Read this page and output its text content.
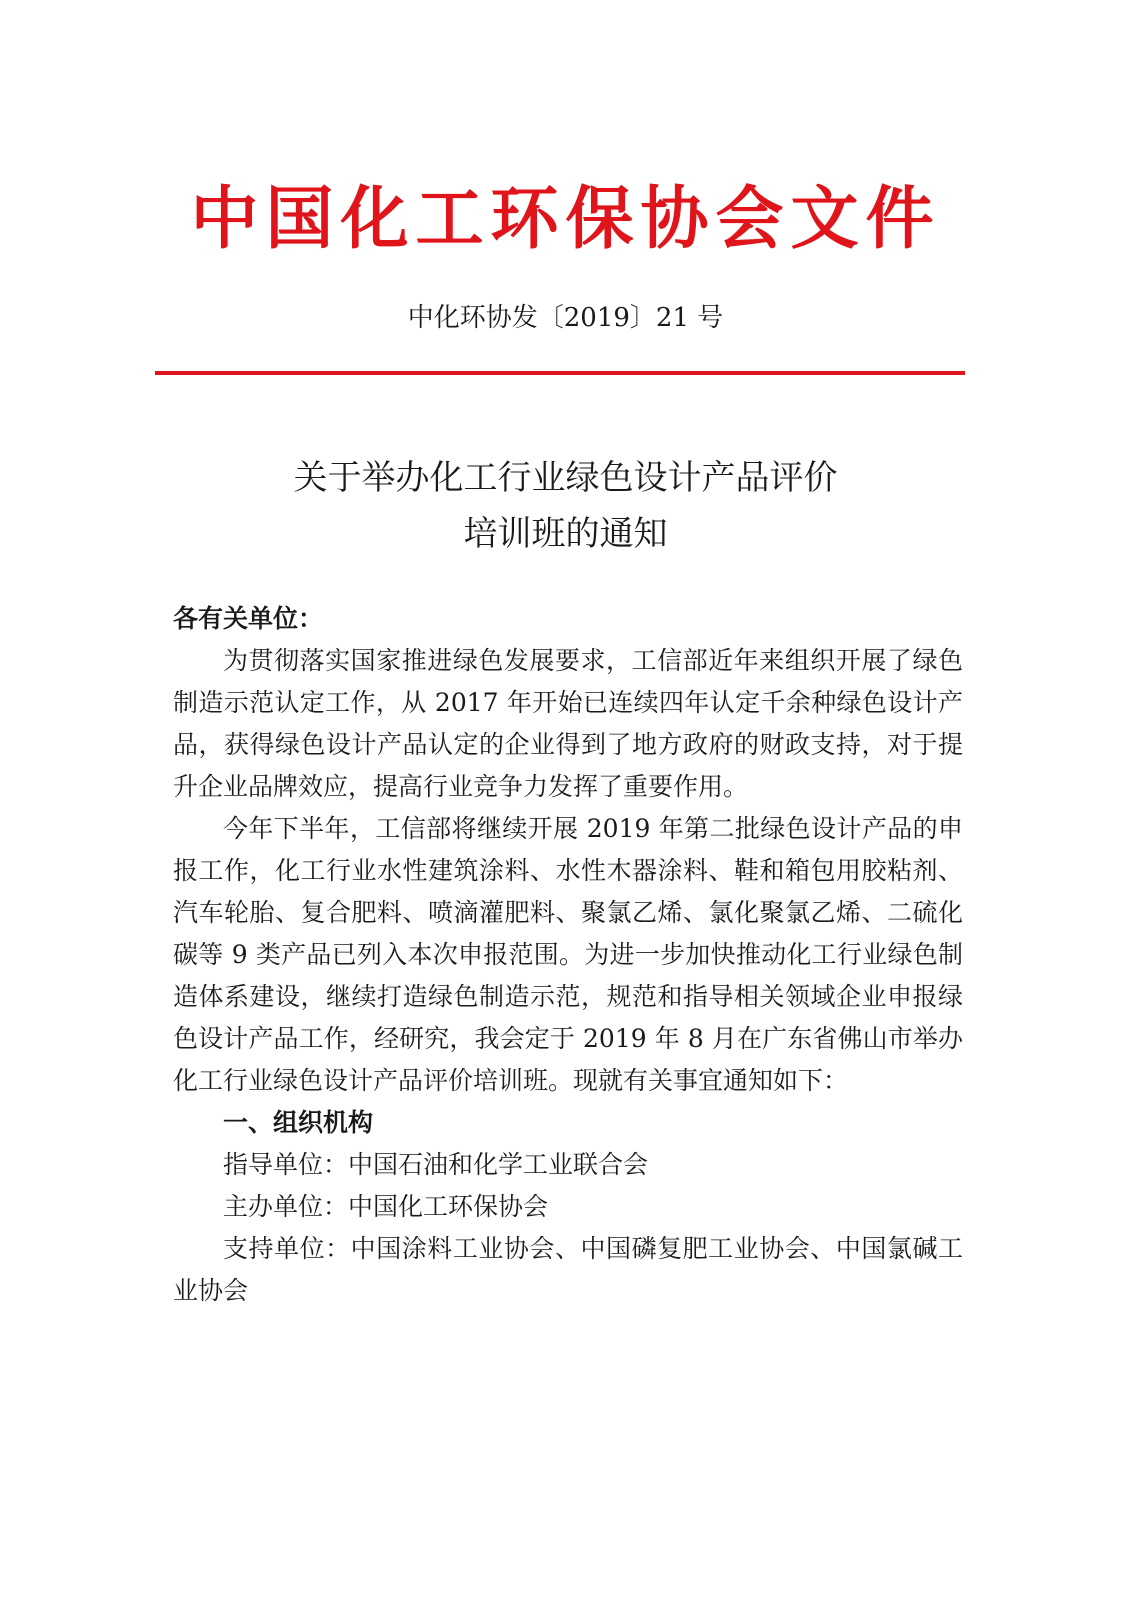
中国化工环保协会文件
中化环协发〔2019〕21 号
关于举办化工行业绿色设计产品评价
培训班的通知
各有关单位：

为贯彻落实国家推进绿色发展要求，工信部近年来组织开展了绿色制造示范认定工作，从 2017 年开始已连续四年认定千余种绿色设计产品，获得绿色设计产品认定的企业得到了地方政府的财政支持，对于提升企业品牌效应，提高行业竞争力发挥了重要作用。

今年下半年，工信部将继续开展 2019 年第二批绿色设计产品的申报工作，化工行业水性建筑涂料、水性木器涂料、鞋和箱包用胶粘剂、汽车轮胎、复合肥料、喷滴灌肥料、聚氯乙烯、氯化聚氯乙烯、二硫化碳等 9 类产品已列入本次申报范围。为进一步加快推动化工行业绿色制造体系建设，继续打造绿色制造示范，规范和指导相关领域企业申报绿色设计产品工作，经研究，我会定于 2019 年 8 月在广东省佛山市举办化工行业绿色设计产品评价培训班。现就有关事宜通知如下：

一、组织机构

指导单位：中国石油和化学工业联合会

主办单位：中国化工环保协会

支持单位：中国涂料工业协会、中国磷复肥工业协会、中国氯碱工业协会
